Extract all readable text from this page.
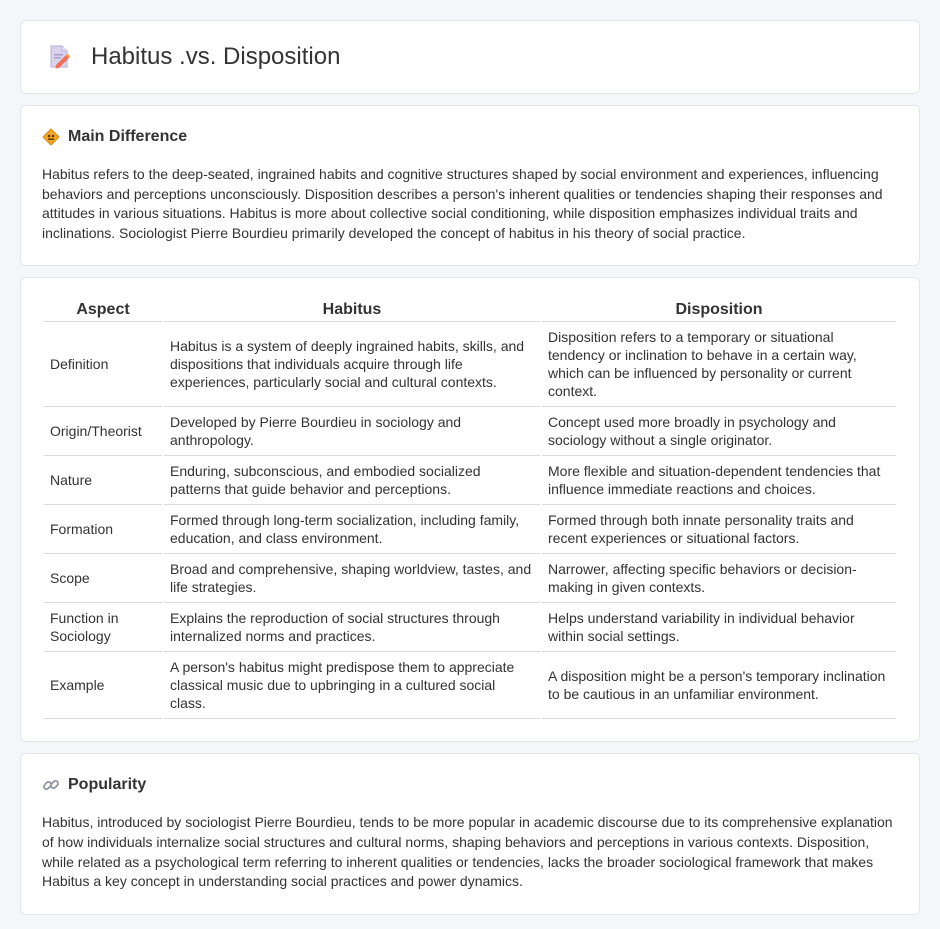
Habitus .vs. Disposition
Main Difference

Habitus refers to the deep-seated, ingrained habits and cognitive structures shaped by social environment and experiences, influencing behaviors and perceptions unconsciously. Disposition describes a person's inherent qualities or tendencies shaping their responses and attitudes in various situations. Habitus is more about collective social conditioning, while disposition emphasizes individual traits and inclinations. Sociologist Pierre Bourdieu primarily developed the concept of habitus in his theory of social practice.

Aspect	Habitus	Disposition
Definition	Habitus is a system of deeply ingrained habits, skills, and dispositions that individuals acquire through life experiences, particularly social and cultural contexts.	Disposition refers to a temporary or situational tendency or inclination to behave in a certain way, which can be influenced by personality or current context.
Origin/Theorist	Developed by Pierre Bourdieu in sociology and anthropology.	Concept used more broadly in psychology and sociology without a single originator.
Nature	Enduring, subconscious, and embodied socialized patterns that guide behavior and perceptions.	More flexible and situation-dependent tendencies that influence immediate reactions and choices.
Formation	Formed through long-term socialization, including family, education, and class environment.	Formed through both innate personality traits and recent experiences or situational factors.
Scope	Broad and comprehensive, shaping worldview, tastes, and life strategies.	Narrower, affecting specific behaviors or decision-making in given contexts.
Function in Sociology	Explains the reproduction of social structures through internalized norms and practices.	Helps understand variability in individual behavior within social settings.
Example	A person's habitus might predispose them to appreciate classical music due to upbringing in a cultured social class.	A disposition might be a person's temporary inclination to be cautious in an unfamiliar environment.
Popularity

Habitus, introduced by sociologist Pierre Bourdieu, tends to be more popular in academic discourse due to its comprehensive explanation of how individuals internalize social structures and cultural norms, shaping behaviors and perceptions in various contexts. Disposition, while related as a psychological term referring to inherent qualities or tendencies, lacks the broader sociological framework that makes Habitus a key concept in understanding social practices and power dynamics.
